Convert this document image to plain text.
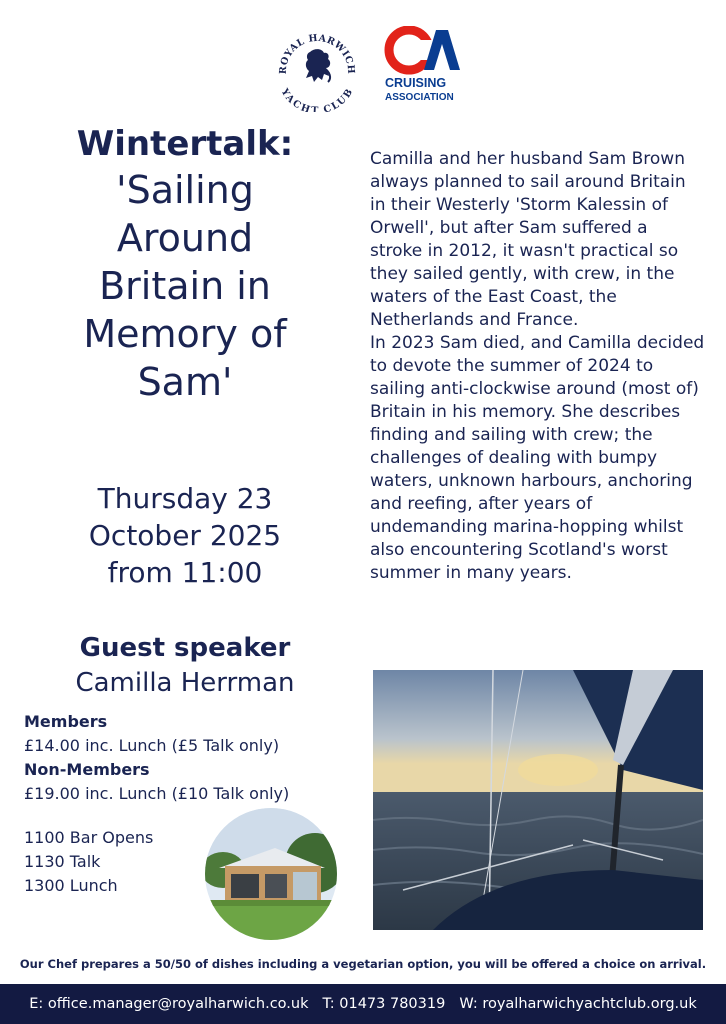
ROYAL HARWICH
YACHT CLUB
CRUISING
ASSOCIATION
Wintertalk:
'Sailing
Around
Britain in
Memory of
Sam'
Thursday 23
October 2025
from 11:00
Guest speaker
Camilla Herrman
Members
£14.00 inc. Lunch (£5 Talk only)
Non-Members
£19.00 inc. Lunch (£10 Talk only)
1100 Bar Opens
1130 Talk
1300 Lunch

Camilla and her husband Sam Brown always planned to sail around Britain in their Westerly 'Storm Kalessin of Orwell', but after Sam suffered a stroke in 2012, it wasn't practical so they sailed gently, with crew, in the waters of the East Coast, the Netherlands and France.

In 2023 Sam died, and Camilla decided to devote the summer of 2024 to sailing anti-clockwise around (most of) Britain in his memory. She describes finding and sailing with crew; the challenges of dealing with bumpy waters, unknown harbours, anchoring and reefing, after years of undemanding marina-hopping whilst also encountering Scotland's worst summer in many years.

Our Chef prepares a 50/50 of dishes including a vegetarian option, you will be offered a choice on arrival.
E: office.manager@royalharwich.co.uk T: 01473 780319 W: royalharwichyachtclub.org.uk
